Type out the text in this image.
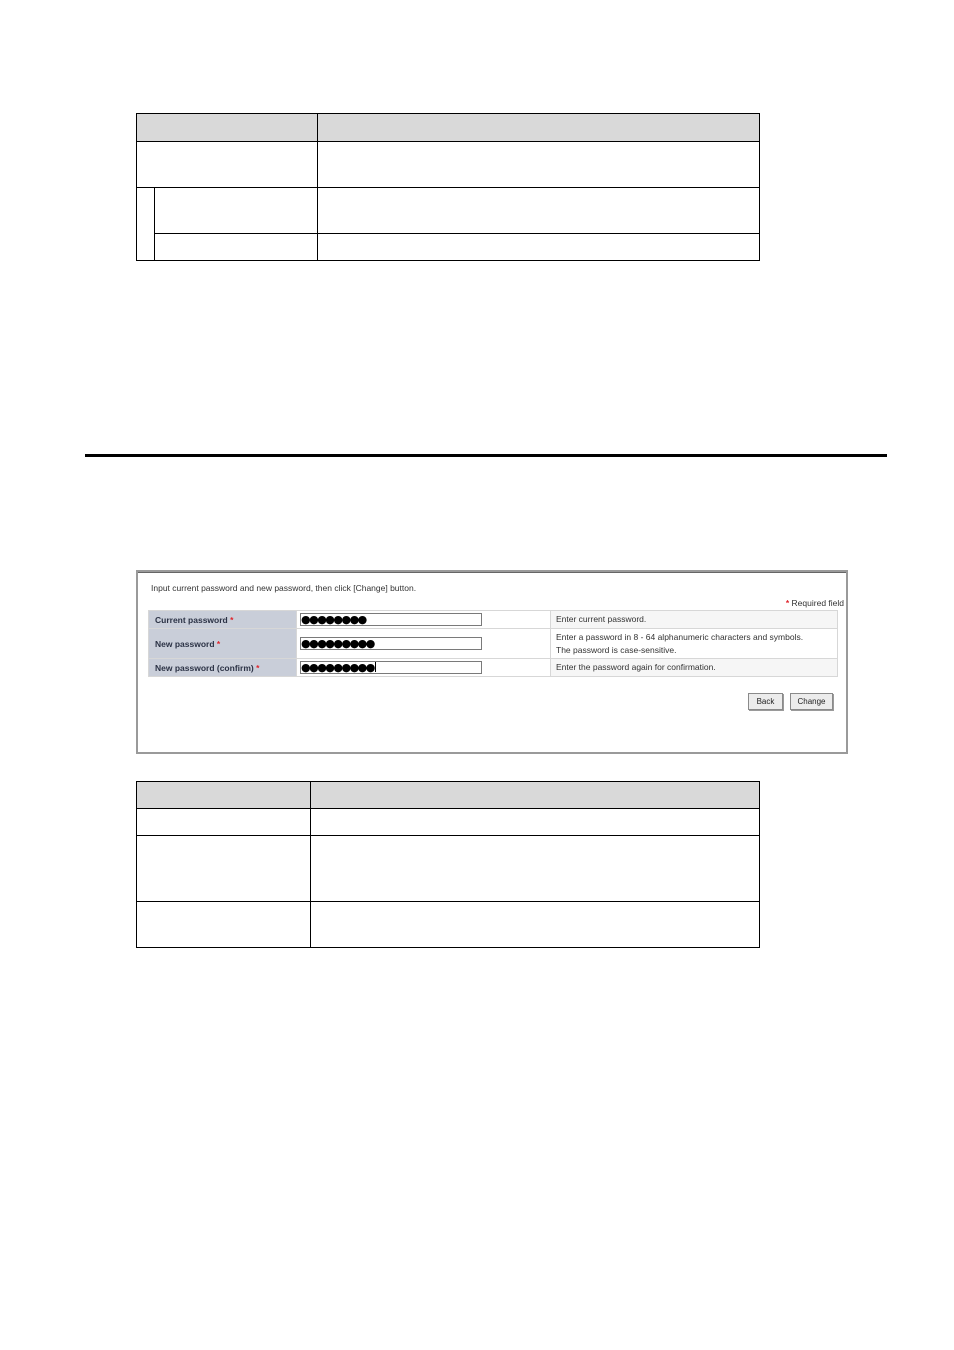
Input current password and new password, then click [Change] button.
* Required field
Current password *	●●●●●●●●	Enter current password.

New password *	●●●●●●●●●	Enter a password in 8 - 64 alphanumeric characters and symbols.
The password is case-sensitive.

New password (confirm) *	●●●●●●●●●	Enter the password again for confirmation.
Back	Change
